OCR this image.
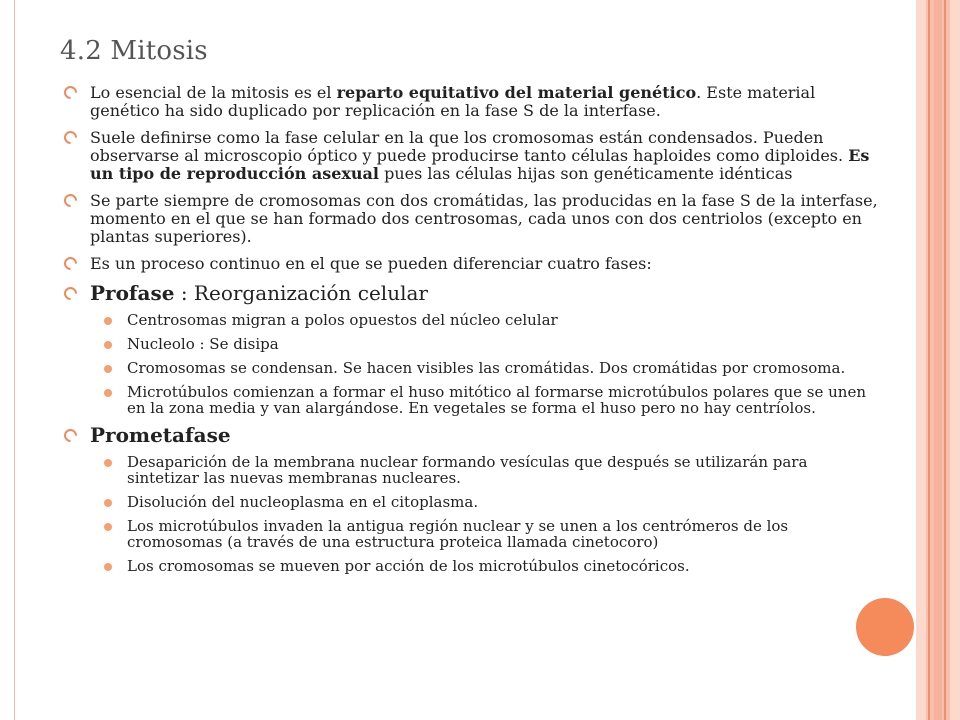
4.2 Mitosis
Lo esencial de la mitosis es el reparto equitativo del material genético. Este material genético ha sido duplicado por replicación en la fase S de la interfase.
Suele definirse como la fase celular en la que los cromosomas están condensados. Pueden observarse al microscopio óptico y puede producirse tanto células haploides como diploides. Es un tipo de reproducción asexual pues las células hijas son genéticamente idénticas
Se parte siempre de cromosomas con dos cromátidas, las producidas en la fase S de la interfase, momento en el que se han formado dos centrosomas, cada unos con dos centriolos (excepto en plantas superiores).
Es un proceso continuo en el que se pueden diferenciar cuatro fases:
Profase : Reorganización celular
Centrosomas migran a polos opuestos del núcleo celular
Nucleolo : Se disipa
Cromosomas se condensan. Se hacen visibles las cromátidas. Dos cromátidas por cromosoma.
Microtúbulos comienzan a formar el huso mitótico al formarse microtúbulos polares que se unen en la zona media y van alargándose. En vegetales se forma el huso pero no hay centríolos.
Prometafase
Desaparición de la membrana nuclear formando vesículas que después se utilizarán para sintetizar las nuevas membranas nucleares.
Disolución del nucleoplasma en el citoplasma.
Los microtúbulos invaden la antigua región nuclear y se unen a los centrómeros de los cromosomas (a través de una estructura proteica llamada cinetocoro)
Los cromosomas se mueven por acción de los microtúbulos cinetocóricos.
